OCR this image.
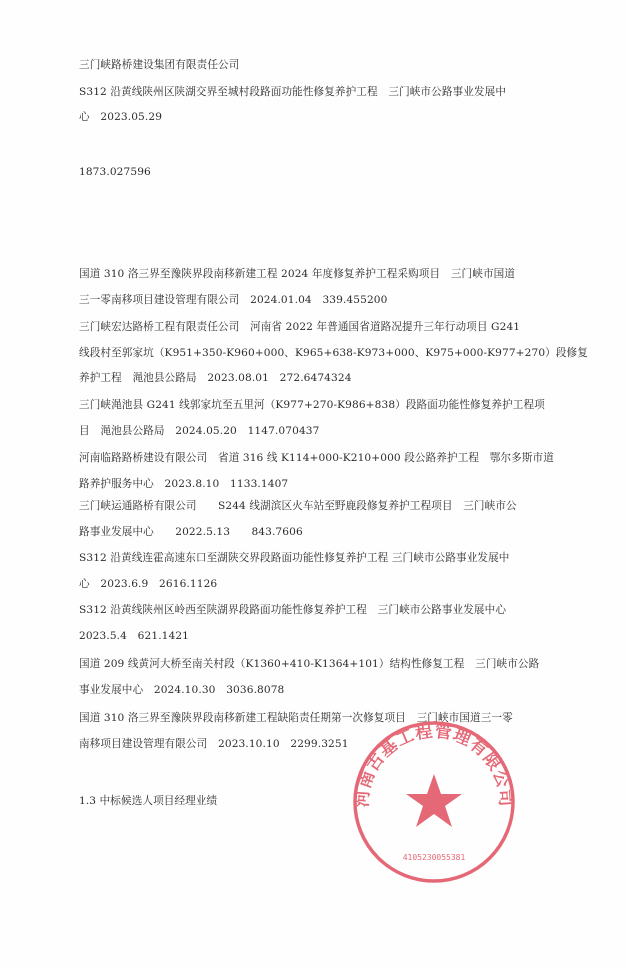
三门峡路桥建设集团有限责任公司
S312 沿黄线陕州区陕湖交界至城村段路面功能性修复养护工程　三门峡市公路事业发展中
心　2023.05.29
1873.027596
国道 310 洛三界至豫陕界段南移新建工程 2024 年度修复养护工程采购项目　三门峡市国道
三一零南移项目建设管理有限公司　2024.01.04　339.455200
三门峡宏达路桥工程有限责任公司　河南省 2022 年普通国省道路况提升三年行动项目 G241
线段村至郭家坑（K951+350-K960+000、K965+638-K973+000、K975+000-K977+270）段修复
养护工程　渑池县公路局　2023.08.01　272.6474324
三门峡渑池县 G241 线郭家坑至五里河（K977+270-K986+838）段路面功能性修复养护工程项
目　渑池县公路局　2024.05.20　1147.070437
河南临路路桥建设有限公司　省道 316 线 K114+000-K210+000 段公路养护工程　鄂尔多斯市道
路养护服务中心　2023.8.10　1133.1407
三门峡运通路桥有限公司　　S244 线湖滨区火车站至野鹿段修复养护工程项目　三门峡市公
路事业发展中心　　2022.5.13　　843.7606
S312 沿黄线连霍高速东口至湖陕交界段路面功能性修复养护工程 三门峡市公路事业发展中
心　2023.6.9　2616.1126
S312 沿黄线陕州区岭西至陕湖界段路面功能性修复养护工程　三门峡市公路事业发展中心
2023.5.4　621.1421
国道 209 线黄河大桥至南关村段（K1360+410-K1364+101）结构性修复工程　三门峡市公路
事业发展中心　2024.10.30　3036.8078
国道 310 洛三界至豫陕界段南移新建工程缺陷责任期第一次修复项目　三门峡市国道三一零
南移项目建设管理有限公司　2023.10.10　2299.3251
1.3 中标候选人项目经理业绩	河南古基工程管理有限公司
4105230055381
